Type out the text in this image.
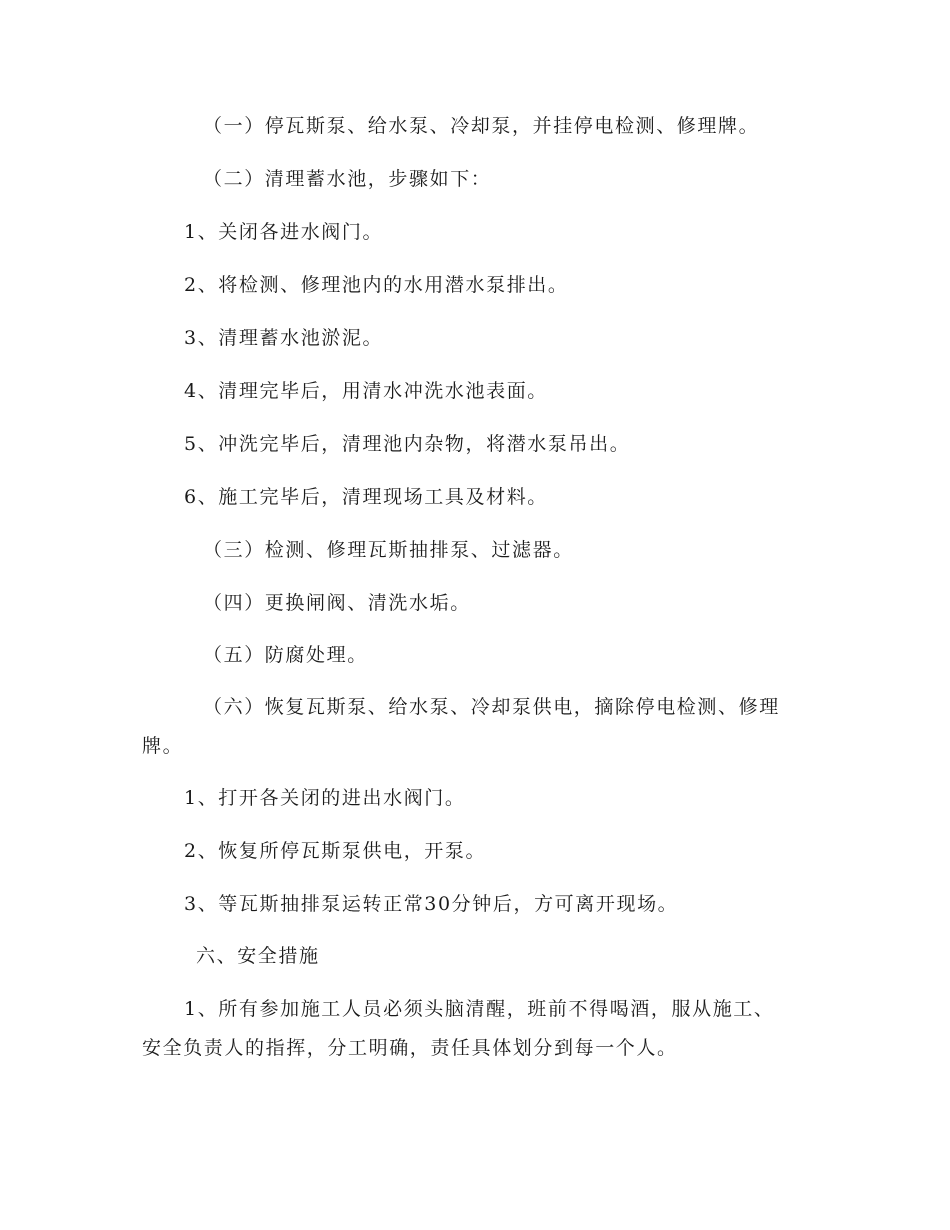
（一）停瓦斯泵、给水泵、冷却泵，并挂停电检测、修理牌。
（二）清理蓄水池，步骤如下：
1、关闭各进水阀门。
2、将检测、修理池内的水用潜水泵排出。
3、清理蓄水池淤泥。
4、清理完毕后，用清水冲洗水池表面。
5、冲洗完毕后，清理池内杂物，将潜水泵吊出。
6、施工完毕后，清理现场工具及材料。
（三）检测、修理瓦斯抽排泵、过滤器。
（四）更换闸阀、清洗水垢。
（五）防腐处理。
（六）恢复瓦斯泵、给水泵、冷却泵供电，摘除停电检测、修理
牌。
1、打开各关闭的进出水阀门。
2、恢复所停瓦斯泵供电，开泵。
3、等瓦斯抽排泵运转正常30分钟后，方可离开现场。
六、安全措施
1、所有参加施工人员必须头脑清醒，班前不得喝酒，服从施工、
安全负责人的指挥，分工明确，责任具体划分到每一个人。
